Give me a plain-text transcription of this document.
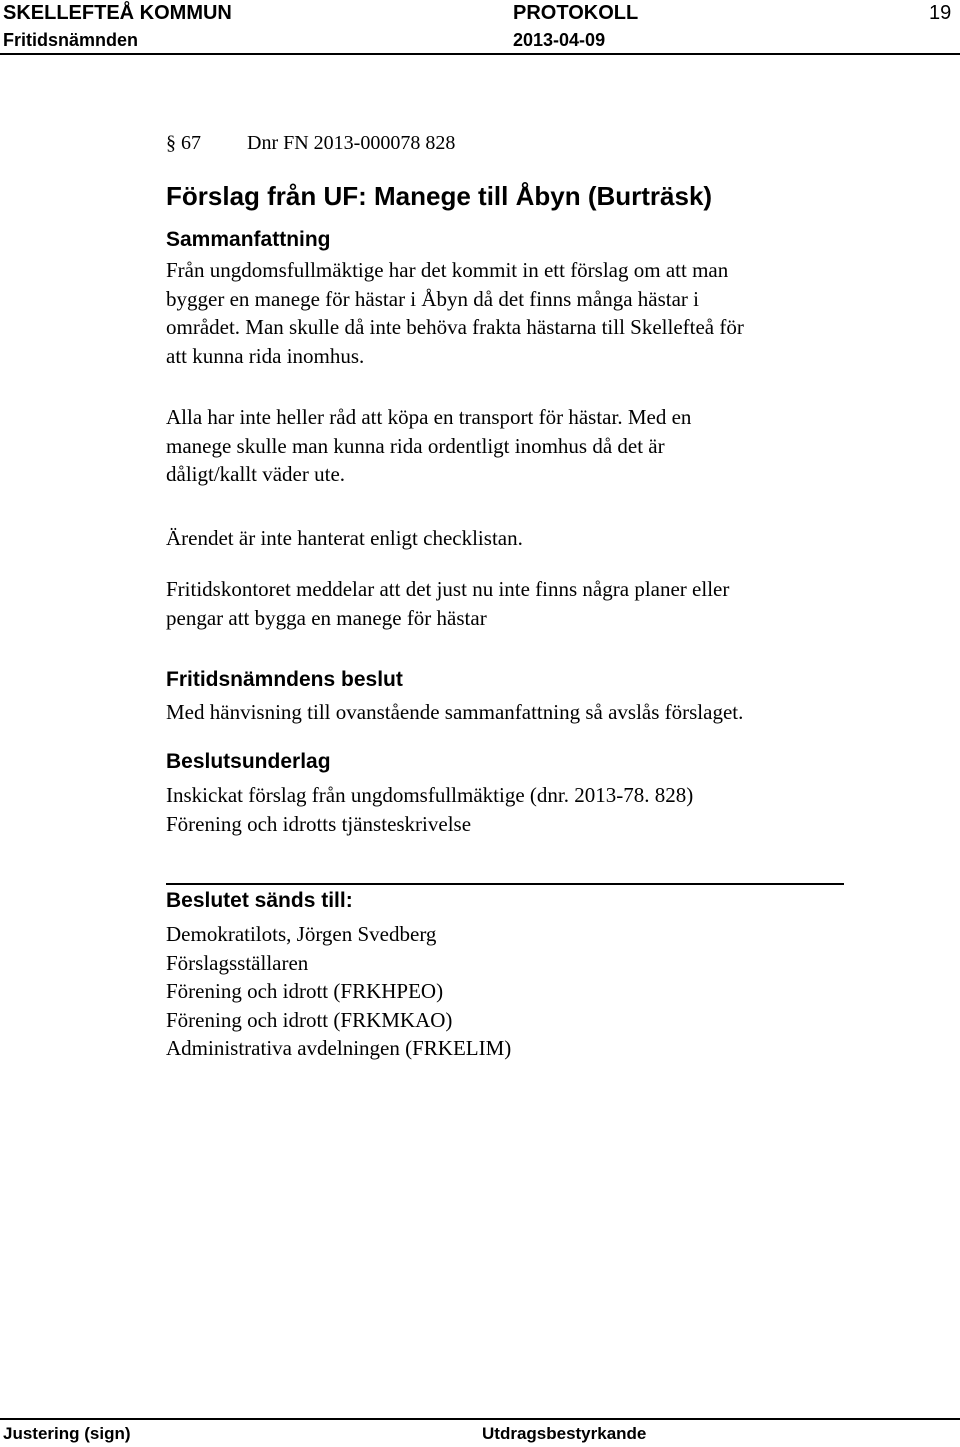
SKELLEFTEÅ KOMMUN	PROTOKOLL	19
Fritidsnämnden	2013-04-09
§ 67 Dnr FN 2013-000078 828
Förslag från UF: Manege till Åbyn (Burträsk)
Sammanfattning
Från ungdomsfullmäktige har det kommit in ett förslag om att man
bygger en manege för hästar i Åbyn då det finns många hästar i
området. Man skulle då inte behöva frakta hästarna till Skellefteå för
att kunna rida inomhus.
Alla har inte heller råd att köpa en transport för hästar. Med en
manege skulle man kunna rida ordentligt inomhus då det är
dåligt/kallt väder ute.
Ärendet är inte hanterat enligt checklistan.
Fritidskontoret meddelar att det just nu inte finns några planer eller
pengar att bygga en manege för hästar
Fritidsnämndens beslut
Med hänvisning till ovanstående sammanfattning så avslås förslaget.
Beslutsunderlag
Inskickat förslag från ungdomsfullmäktige (dnr. 2013-78. 828)
Förening och idrotts tjänsteskrivelse
Beslutet sänds till:
Demokratilots, Jörgen Svedberg
Förslagsställaren
Förening och idrott (FRKHPEO)
Förening och idrott (FRKMKAO)
Administrativa avdelningen (FRKELIM)
Justering (sign)	Utdragsbestyrkande
